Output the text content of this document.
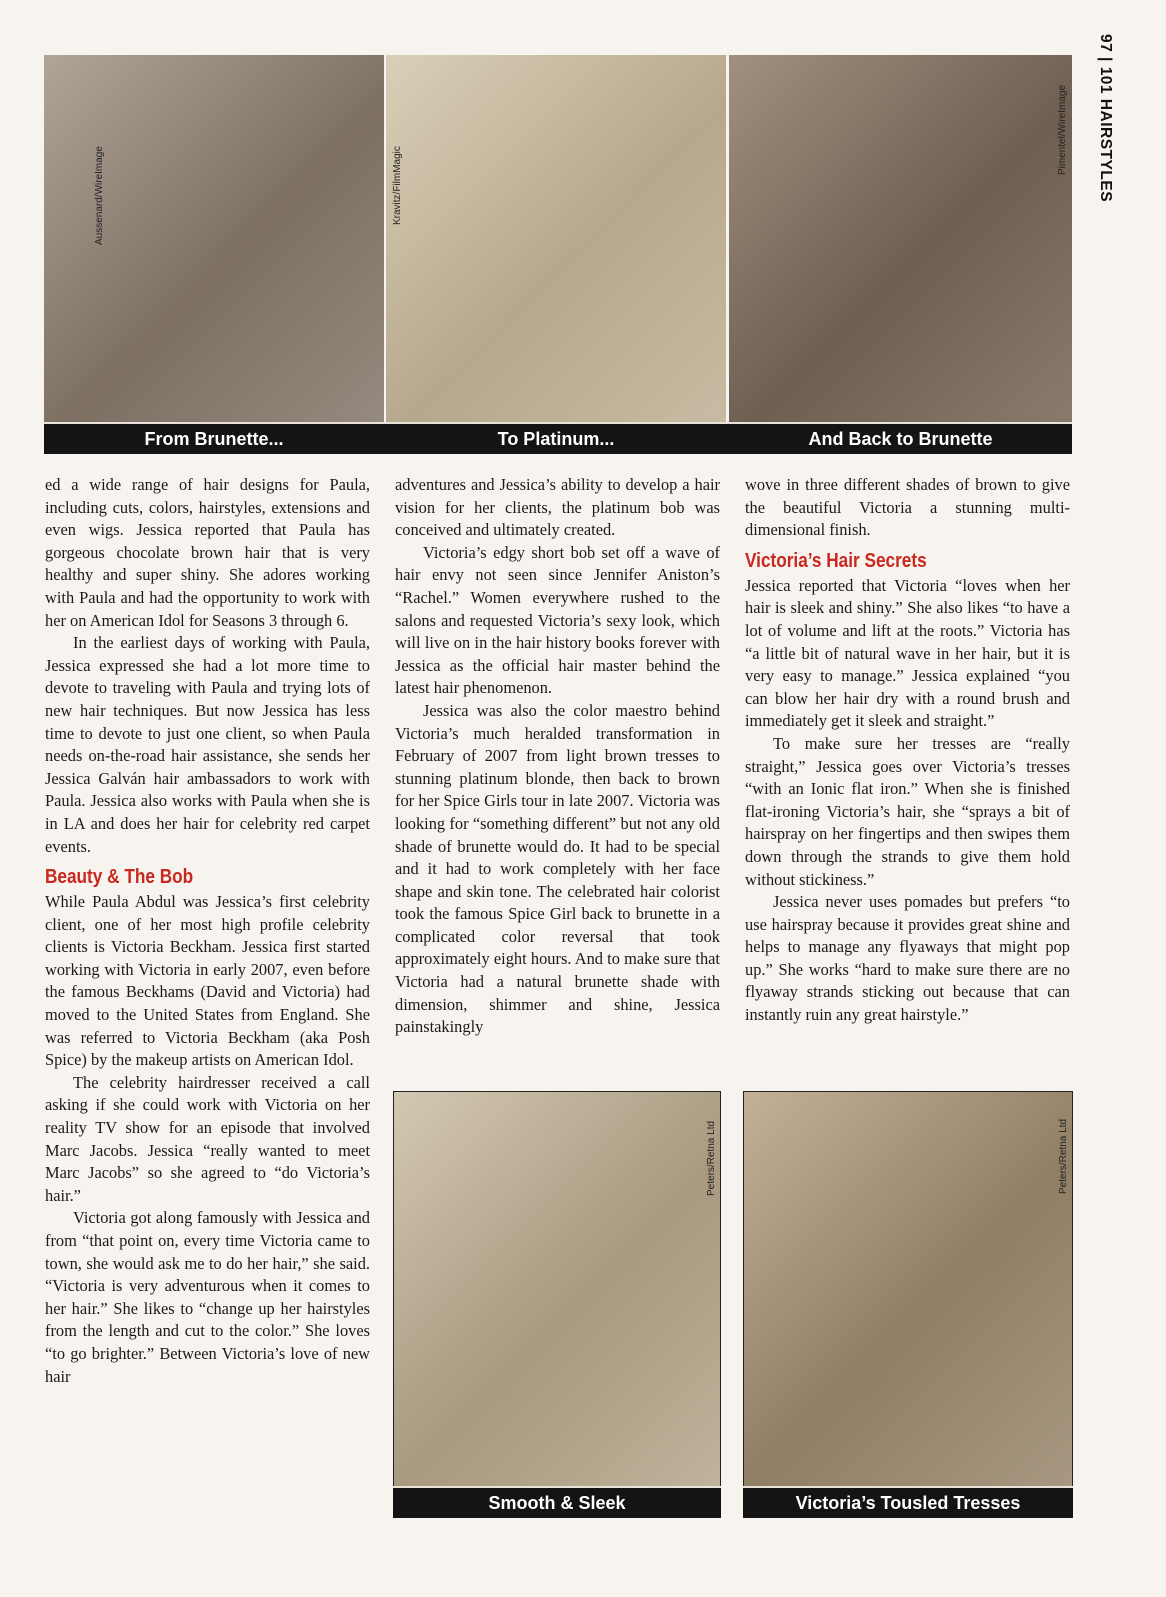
97 | 101 HAIRSTYLES
Aussenard/WireImage	Kravitz/FilmMagic
Pimentel/WireImage
From Brunette...	To Platinum...	And Back to Brunette

ed a wide range of hair designs for Paula, including cuts, colors, hairstyles, extensions and even wigs. Jessica reported that Paula has gorgeous chocolate brown hair that is very healthy and super shiny. She adores working with Paula and had the opportunity to work with her on American Idol for Seasons 3 through 6.

In the earliest days of working with Paula, Jessica expressed she had a lot more time to devote to traveling with Paula and trying lots of new hair techniques. But now Jessica has less time to devote to just one client, so when Paula needs on-the-road hair assistance, she sends her Jessica Galván hair ambassadors to work with Paula. Jessica also works with Paula when she is in LA and does her hair for celebrity red carpet events.

Beauty & The Bob

While Paula Abdul was Jessica’s first celebrity client, one of her most high profile celebrity clients is Victoria Beckham. Jessica first started working with Victoria in early 2007, even before the famous Beckhams (David and Victoria) had moved to the United States from England. She was referred to Victoria Beckham (aka Posh Spice) by the makeup artists on American Idol.

The celebrity hairdresser received a call asking if she could work with Victoria on her reality TV show for an episode that involved Marc Jacobs. Jessica “really wanted to meet Marc Jacobs” so she agreed to “do Victoria’s hair.”

Victoria got along famously with Jessica and from “that point on, every time Victoria came to town, she would ask me to do her hair,” she said. “Victoria is very adventurous when it comes to her hair.” She likes to “change up her hairstyles from the length and cut to the color.” She loves “to go brighter.” Between Victoria’s love of new hair

adventures and Jessica’s ability to develop a hair vision for her clients, the platinum bob was conceived and ultimately created.

Victoria’s edgy short bob set off a wave of hair envy not seen since Jennifer Aniston’s “Rachel.” Women everywhere rushed to the salons and requested Victoria’s sexy look, which will live on in the hair history books forever with Jessica as the official hair master behind the latest hair phenomenon.

Jessica was also the color maestro behind Victoria’s much heralded transformation in February of 2007 from light brown tresses to stunning platinum blonde, then back to brown for her Spice Girls tour in late 2007. Victoria was looking for “something different” but not any old shade of brunette would do. It had to be special and it had to work completely with her face shape and skin tone. The celebrated hair colorist took the famous Spice Girl back to brunette in a complicated color reversal that took approximately eight hours. And to make sure that Victoria had a natural brunette shade with dimension, shimmer and shine, Jessica painstakingly

wove in three different shades of brown to give the beautiful Victoria a stunning multi-dimensional finish.

Victoria’s Hair Secrets

Jessica reported that Victoria “loves when her hair is sleek and shiny.” She also likes “to have a lot of volume and lift at the roots.” Victoria has “a little bit of natural wave in her hair, but it is very easy to manage.” Jessica explained “you can blow her hair dry with a round brush and immediately get it sleek and straight.”

To make sure her tresses are “really straight,” Jessica goes over Victoria’s tresses “with an Ionic flat iron.” When she is finished flat-ironing Victoria’s hair, she “sprays a bit of hairspray on her fingertips and then swipes them down through the strands to give them hold without stickiness.”

Jessica never uses pomades but prefers “to use hairspray because it provides great shine and helps to manage any flyaways that might pop up.” She works “hard to make sure there are no flyaway strands sticking out because that can instantly ruin any great hairstyle.”

Peters/Retna Ltd
Smooth & Sleek
Peters/Retna Ltd
Victoria’s Tousled Tresses
